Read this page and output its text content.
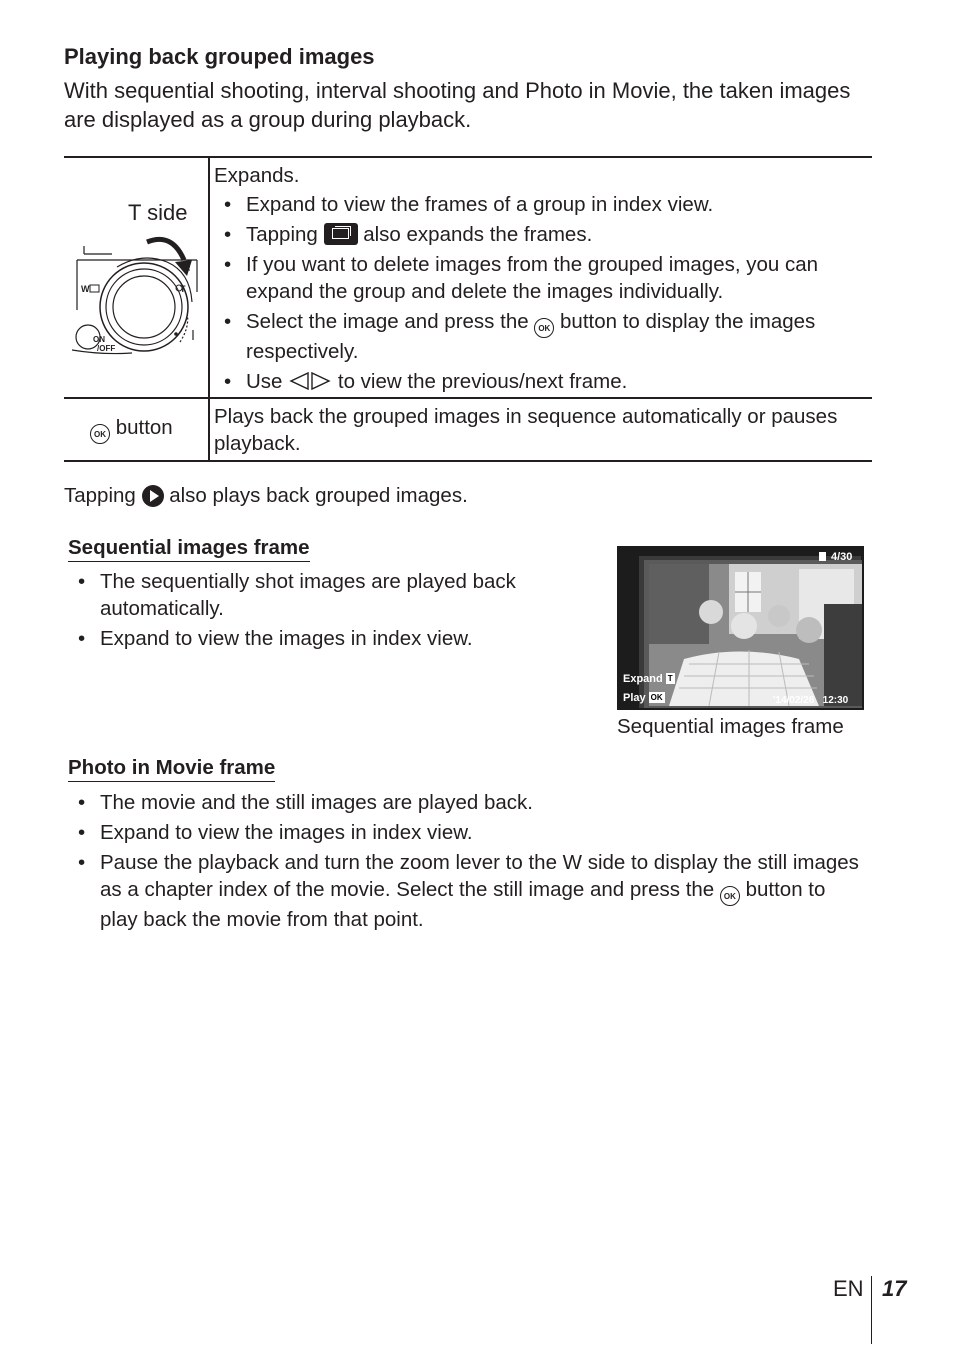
Playing back grouped images
With sequential shooting, interval shooting and Photo in Movie, the taken images are displayed as a group during playback.
T side
W	T
ON
/OFF
Expands.
• Expand to view the frames of a group in index view.
• Tapping also expands the frames.
• If you want to delete images from the grouped images, you can expand the group and delete the images individually.
• Select the image and press the OK button to display the images respectively.
• Use	to view the previous/next frame.
OK button Plays back the grouped images in sequence automatically or pauses playback.
Tapping also plays back grouped images.
Sequential images frame
• The sequentially shot images are played back automatically.
• Expand to view the images in index view.
4/30
Expand T
Play OK	'14/02/26 12:30
Sequential images frame
Photo in Movie frame
• The movie and the still images are played back.
• Expand to view the images in index view.
• Pause the playback and turn the zoom lever to the W side to display the still images as a chapter index of the movie. Select the still image and press the OK button to play back the movie from that point.
EN 17
